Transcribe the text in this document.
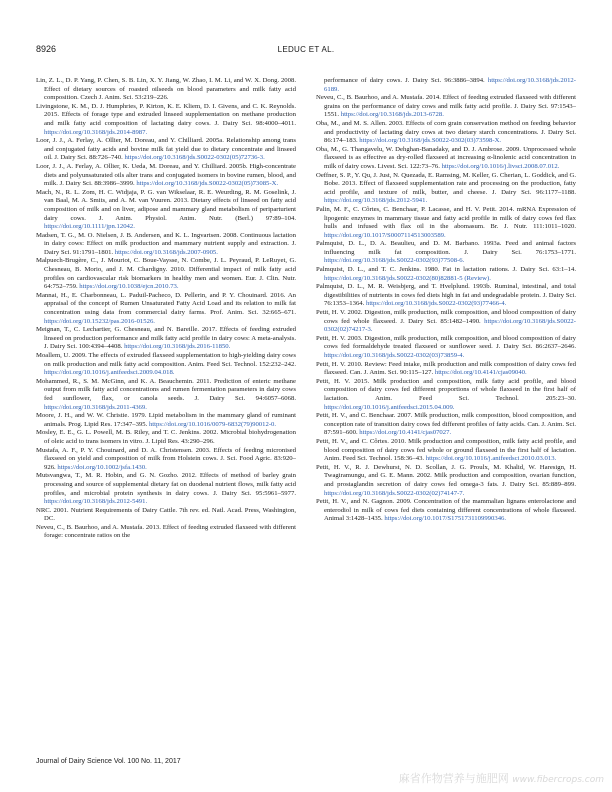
8926	LEDUC ET AL.

Lin, Z. L., D. P. Yang, P. Chen, S. B. Lin, X. Y. Jiang, W. Zhao, I. M. Li, and W. X. Dong. 2008. Effect of dietary sources of roasted oilseeds on blood parameters and milk fatty acid composition. Czech J. Anim. Sci. 53:219–226.

Livingstone, K. M., D. J. Humphries, P. Kirton, K. E. Kliem, D. I. Givens, and C. K. Reynolds. 2015. Effects of forage type and extruded linseed supplementation on methane production and milk fatty acid composition of lactating dairy cows. J. Dairy Sci. 98:4000–4011. https://doi.org/10.3168/jds.2014-8987.

Loor, J. J., A. Ferlay, A. Ollier, M. Doreau, and Y. Chilliard. 2005a. Relationship among trans and conjugated fatty acids and bovine milk fat yield due to dietary concentrate and linseed oil. J. Dairy Sci. 88:726–740. https://doi.org/10.3168/jds.S0022-0302(05)72736-3.

Loor, J. J., A. Ferlay, A. Ollier, K. Ueda, M. Doreau, and Y. Chilliard. 2005b. High-concentrate diets and polyunsaturated oils alter trans and conjugated isomers in bovine rumen, blood, and milk. J. Dairy Sci. 88:3986–3999. https://doi.org/10.3168/jds.S0022-0302(05)73085-X.

Mach, N., R. L. Zom, H. C. Widjaja, P. G. van Wikselaar, R. E. Weurding, R. M. Goselink, J. van Baal, M. A. Smits, and A. M. van Vuuren. 2013. Dietary effects of linseed on fatty acid composition of milk and on liver, adipose and mammary gland metabolism of periparturient dairy cows. J. Anim. Physiol. Anim. Nutr. (Berl.) 97:89–104. https://doi.org/10.1111/jpn.12042.

Madsen, T. G., M. O. Nielsen, J. B. Andersen, and K. L. Ingvartsen. 2008. Continuous lactation in dairy cows: Effect on milk production and mammary nutrient supply and extraction. J. Dairy Sci. 91:1791–1801. https://doi.org/10.3168/jds.2007-0905.

Malpuech-Brugère, C., J. Mouriot, C. Boue-Vaysse, N. Combe, J. L. Peyraud, P. LeRuyet, G. Chesneau, B. Morio, and J. M. Chardigny. 2010. Differential impact of milk fatty acid profiles on cardiovascular risk biomarkers in healthy men and women. Eur. J. Clin. Nutr. 64:752–759. https://doi.org/10.1038/ejcn.2010.73.

Mannai, H., E. Charbonneau, L. Paduil-Pacheco, D. Pellerin, and P. Y. Chouinard. 2016. An appraisal of the concept of Rumen Unsaturated Fatty Acid Load and its relation to milk fat concentration using data from commercial dairy farms. Prof. Anim. Sci. 32:665–671. https://doi.org/10.15232/pas.2016-01526.

Meignan, T., C. Lechartier, G. Chesneau, and N. Bareille. 2017. Effects of feeding extruded linseed on production performance and milk fatty acid profile in dairy cows: A meta-analysis. J. Dairy Sci. 100:4394–4408. https://doi.org/10.3168/jds.2016-11850.

Moallem, U. 2009. The effects of extruded flaxseed supplementation to high-yielding dairy cows on milk production and milk fatty acid composition. Anim. Feed Sci. Technol. 152:232–242. https://doi.org/10.1016/j.anifeedsci.2009.04.018.

Mohammed, R., S. M. McGinn, and K. A. Beauchemin. 2011. Prediction of enteric methane output from milk fatty acid concentrations and rumen fermentation parameters in dairy cows fed sunflower, flax, or canola seeds. J. Dairy Sci. 94:6057–6068. https://doi.org/10.3168/jds.2011-4369.

Moore, J. H., and W. W. Christie. 1979. Lipid metabolism in the mammary gland of ruminant animals. Prog. Lipid Res. 17:347–395. https://doi.org/10.1016/0079-6832(79)90012-0.

Mosley, E. E., G. L. Powell, M. B. Riley, and T. C. Jenkins. 2002. Microbial biohydrogenation of oleic acid to trans isomers in vitro. J. Lipid Res. 43:290–296.

Mustafa, A. F., P. Y. Chouinard, and D. A. Christensen. 2003. Effects of feeding micronised flaxseed on yield and composition of milk from Holstein cows. J. Sci. Food Agric. 83:920–926. https://doi.org/10.1002/jsfa.1430.

Mutsvangwa, T., M. R. Hobin, and G. N. Gozho. 2012. Effects of method of barley grain processing and source of supplemental dietary fat on duodenal nutrient flows, milk fatty acid profiles, and microbial protein synthesis in dairy cows. J. Dairy Sci. 95:5961–5977. https://doi.org/10.3168/jds.2012-5491.

NRC. 2001. Nutrient Requirements of Dairy Cattle. 7th rev. ed. Natl. Acad. Press, Washington, DC.

Neveu, C., B. Baurhoo, and A. Mustafa. 2013. Effect of feeding extruded flaxseed with different forage: concentrate ratios on the

performance of dairy cows. J. Dairy Sci. 96:3886–3894. https://doi.org/10.3168/jds.2012-6189.

Neveu, C., B. Baurhoo, and A. Mustafa. 2014. Effect of feeding extruded flaxseed with different grains on the performance of dairy cows and milk fatty acid profile. J. Dairy Sci. 97:1543–1551. https://doi.org/10.3168/jds.2013-6728.

Oba, M., and M. S. Allen. 2003. Effects of corn grain conservation method on feeding behavior and productivity of lactating dairy cows at two dietary starch concentrations. J. Dairy Sci. 86:174–183. https://doi.org/10.3168/jds.S0022-0302(03)73598-X.

Oba, M., G. Thangavelu, W. Dehghan-Banadaky, and D. J. Ambrose. 2009. Unprocessed whole flaxseed is as effective as dry-rolled flaxseed at increasing α-linolenic acid concentration in milk of dairy cows. Livest. Sci. 122:73–76. https://doi.org/10.1016/j.livsci.2008.07.012.

Oeffner, S. P., Y. Qu, J. Just, N. Quezada, E. Ramsing, M. Keller, G. Cherian, L. Goddick, and G. Bobe. 2013. Effect of flaxseed supplementation rate and processing on the production, fatty acid profile, and texture of milk, butter, and cheese. J. Dairy Sci. 96:1177–1188. https://doi.org/10.3168/jds.2012-5941.

Palin, M. F., C. Côrtes, C. Benchaar, P. Lacasse, and H. V. Petit. 2014. mRNA Expression of lipogenic enzymes in mammary tissue and fatty acid profile in milk of dairy cows fed flax hulls and infused with flax oil in the abomasum. Br. J. Nutr. 111:1011–1020. https://doi.org/10.1017/S0007114513003589.

Palmquist, D. L., D. A. Beaulieu, and D. M. Barbano. 1993a. Feed and animal factors influencing milk fat composition. J. Dairy Sci. 76:1753–1771. https://doi.org/10.3168/jds.S0022-0302(93)77508-6.

Palmquist, D. L., and T. C. Jenkins. 1980. Fat in lactation rations. J. Dairy Sci. 63:1–14. https://doi.org/10.3168/jds.S0022-0302(80)82881-5 (Review).

Palmquist, D. L., M. R. Weisbjerg, and T. Hvelplund. 1993b. Ruminal, intestinal, and total digestibilities of nutrients in cows fed diets high in fat and undegradable protein. J. Dairy Sci. 76:1353–1364. https://doi.org/10.3168/jds.S0022-0302(93)77466-4.

Petit, H. V. 2002. Digestion, milk production, milk composition, and blood composition of dairy cows fed whole flaxseed. J. Dairy Sci. 85:1482–1490. https://doi.org/10.3168/jds.S0022-0302(02)74217-3.

Petit, H. V. 2003. Digestion, milk production, milk composition, and blood composition of dairy cows fed formaldehyde treated flaxseed or sunflower seed. J. Dairy Sci. 86:2637–2646. https://doi.org/10.3168/jds.S0022-0302(03)73859-4.

Petit, H. V. 2010. Review: Feed intake, milk production and milk composition of dairy cows fed flaxseed. Can. J. Anim. Sci. 90:115–127. https://doi.org/10.4141/cjas09040.

Petit, H. V. 2015. Milk production and composition, milk fatty acid profile, and blood composition of dairy cows fed different proportions of whole flaxseed in the first half of lactation. Anim. Feed Sci. Technol. 205:23–30. https://doi.org/10.1016/j.anifeedsci.2015.04.009.

Petit, H. V., and C. Benchaar. 2007. Milk production, milk composition, blood composition, and conception rate of transition dairy cows fed different profiles of fatty acids. Can. J. Anim. Sci. 87:591–600. https://doi.org/10.4141/cjas07027.

Petit, H. V., and C. Côrtes. 2010. Milk production and composition, milk fatty acid profile, and blood composition of dairy cows fed whole or ground flaxseed in the first half of lactation. Anim. Feed Sci. Technol. 158:36–43. https://doi.org/10.1016/j.anifeedsci.2010.03.013.

Petit, H. V., R. J. Dewhurst, N. D. Scollan, J. G. Proulx, M. Khalid, W. Haresign, H. Twagiramungu, and G. E. Mann. 2002. Milk production and composition, ovarian function, and prostaglandin secretion of dairy cows fed omega-3 fats. J. Dairy Sci. 85:889–899. https://doi.org/10.3168/jds.S0022-0302(02)74147-7.

Petit, H. V., and N. Gagnon. 2009. Concentration of the mammalian lignans enterolactone and enterodiol in milk of cows fed diets containing different concentrations of whole flaxseed. Animal 3:1428–1435. https://doi.org/10.1017/S1751731109990346.

Journal of Dairy Science Vol. 100 No. 11, 2017
麻省作物营养与施肥网 www.fibercrops.com
